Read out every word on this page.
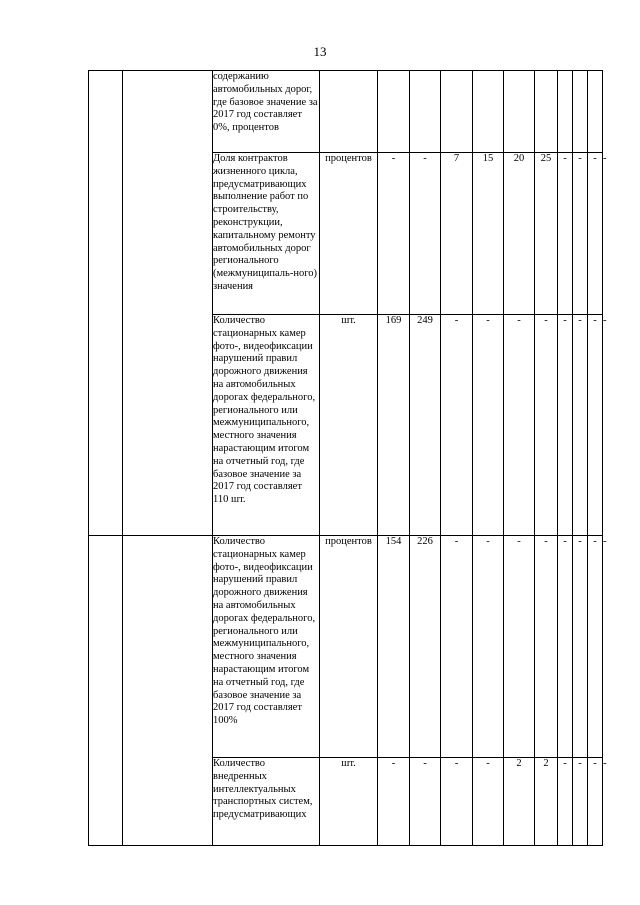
13
		содержанию автомобильных дорог, где базовое значение за 2017 год составляет 0%, процентов											
		Доля контрактов жизненного цикла, предусматривающих выполнение работ по строительству, реконструкции, капитальному ремонту автомобильных дорог регионального (межмуниципаль-ного) значения	процентов	-	-	7	15	20	25	-	-	-	-
		Количество стационарных камер фото-, видеофиксации нарушений правил дорожного движения на автомобильных дорогах федерального, регионального или межмуниципального, местного значения нарастающим итогом на отчетный год, где базовое значение за 2017 год составляет 110 шт.	шт.	169	249	-	-	-	-	-	-	-	-
		Количество стационарных камер фото-, видеофиксации нарушений правил дорожного движения на автомобильных дорогах федерального, регионального или межмуниципального, местного значения нарастающим итогом на отчетный год, где базовое значение за 2017 год составляет 100%	процентов	154	226	-	-	-	-	-	-	-	-
		Количество внедренных интеллектуальных транспортных систем, предусматривающих	шт.	-	-	-	-	2	2	-	-	-	-
